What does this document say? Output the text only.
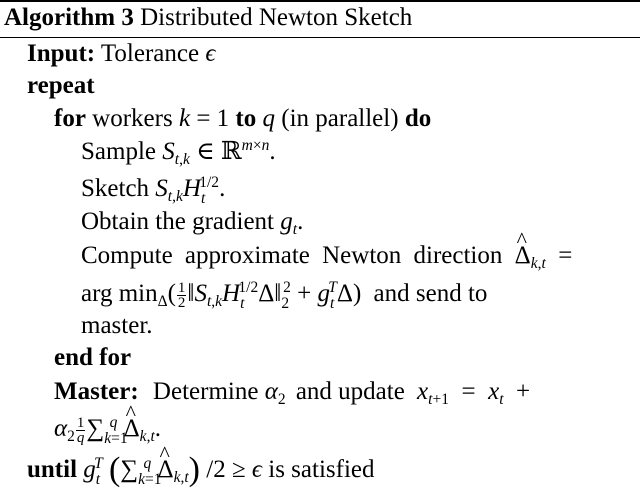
Algorithm 3 Distributed Newton Sketch
Input: Tolerance ϵ
repeat
for workers k = 1 to q (in parallel) do
Sample $S_{t,k}$ ∈ ℝ$^{m\times n}$.
Sketch $S_{t,k}H_t^{1/2}$.
Obtain the gradient $g_t$.
Compute approximate Newton direction ^ $\Delta_{k,t}$  =
arg $\min_\Delta( \frac{1}{2}$ $‖S_{t,k}H_t^{1/2}\Delta‖_2^2 + g_t^T\Delta$) and send to
master.
end for
Master: Determine $\alpha_2$ and update $x_{t+1} = x_t$  +
$\alpha_2 \frac{1}{q} \sum_{k=1}^q$ ^ $\Delta_{k,t}$.
until $g_t^T$ ($\sum_{k=1}^q$ ^ $\Delta_{k,t}$) /2 ≥ ϵ is satisfied
